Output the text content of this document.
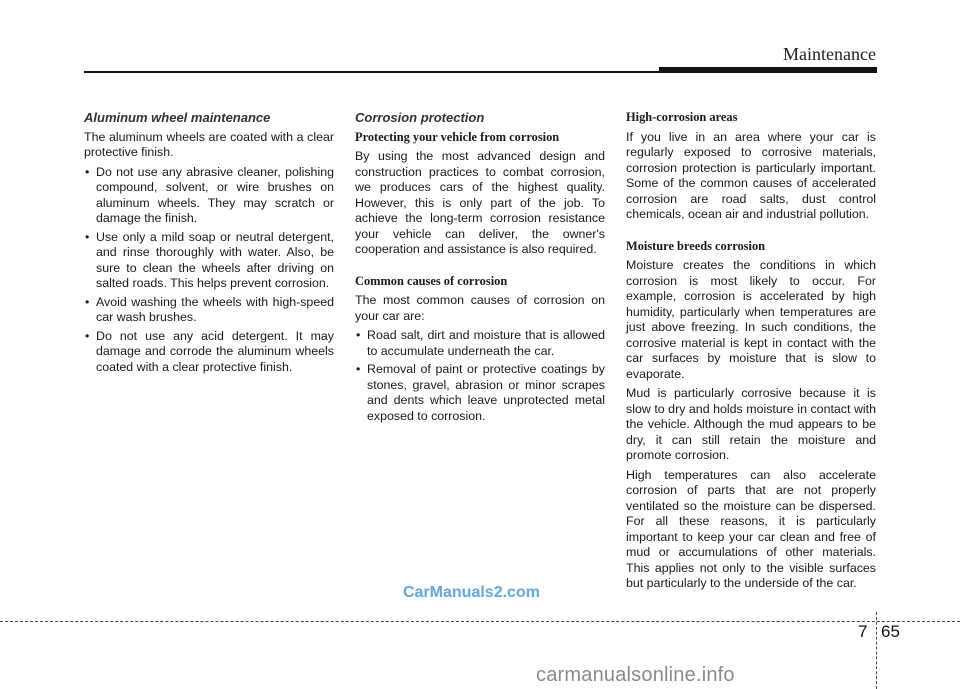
Maintenance
Aluminum wheel maintenance

The aluminum wheels are coated with a clear protective finish.

• Do not use any abrasive cleaner, polishing compound, solvent, or wire brushes on aluminum wheels. They may scratch or damage the finish.
• Use only a mild soap or neutral detergent, and rinse thoroughly with water. Also, be sure to clean the wheels after driving on salted roads. This helps prevent corrosion.
• Avoid washing the wheels with high-speed car wash brushes.
• Do not use any acid detergent. It may damage and corrode the aluminum wheels coated with a clear protective finish.
Corrosion protection
Protecting your vehicle from corrosion

By using the most advanced design and construction practices to combat corrosion, we produces cars of the highest quality. However, this is only part of the job. To achieve the long-term corrosion resistance your vehicle can deliver, the owner's cooperation and assistance is also required.

Common causes of corrosion

The most common causes of corrosion on your car are:

• Road salt, dirt and moisture that is allowed to accumulate underneath the car.
• Removal of paint or protective coatings by stones, gravel, abrasion or minor scrapes and dents which leave unprotected metal exposed to corrosion.
High-corrosion areas

If you live in an area where your car is regularly exposed to corrosive materials, corrosion protection is particularly important. Some of the common causes of accelerated corrosion are road salts, dust control chemicals, ocean air and industrial pollution.

Moisture breeds corrosion

Moisture creates the conditions in which corrosion is most likely to occur. For example, corrosion is accelerated by high humidity, particularly when temperatures are just above freezing. In such conditions, the corrosive material is kept in contact with the car surfaces by moisture that is slow to evaporate.

Mud is particularly corrosive because it is slow to dry and holds moisture in contact with the vehicle. Although the mud appears to be dry, it can still retain the moisture and promote corrosion.

High temperatures can also accelerate corrosion of parts that are not properly ventilated so the moisture can be dispersed. For all these reasons, it is particularly important to keep your car clean and free of mud or accumulations of other materials. This applies not only to the visible surfaces but particularly to the underside of the car.

CarManuals2.com
7 65
carmanualsonline.info
